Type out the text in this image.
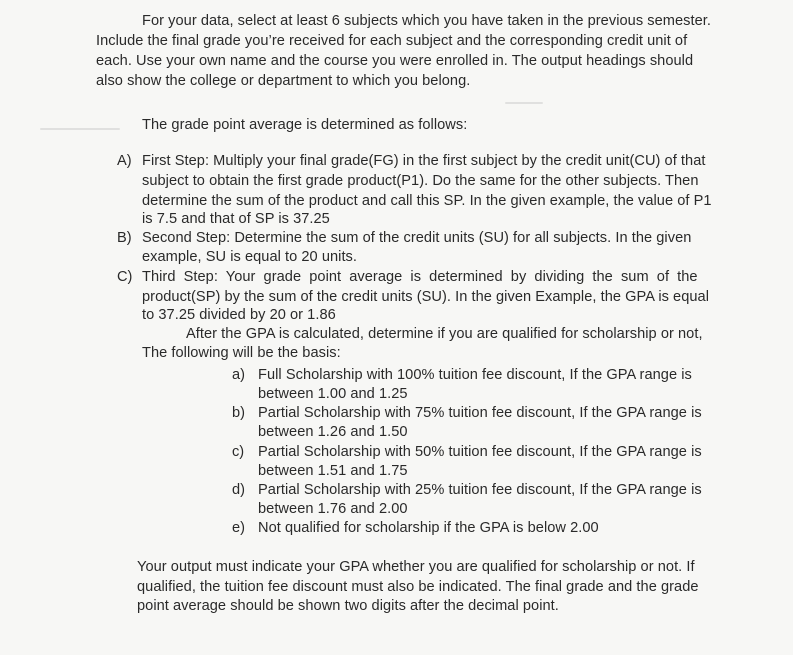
For your data, select at least 6 subjects which you have taken in the previous semester.
Include the final grade you’re received for each subject and the corresponding credit unit of
each. Use your own name and the course you were enrolled in. The output headings should
also show the college or department to which you belong.
The grade point average is determined as follows:
A) First Step: Multiply your final grade(FG) in the first subject by the credit unit(CU) of that
subject to obtain the first grade product(P1). Do the same for the other subjects. Then
determine the sum of the product and call this SP. In the given example, the value of P1
is 7.5 and that of SP is 37.25
B) Second Step: Determine the sum of the credit units (SU) for all subjects. In the given
example, SU is equal to 20 units.
C) Third Step: Your grade point average is determined by dividing the sum of the
product(SP) by the sum of the credit units (SU). In the given Example, the GPA is equal
to 37.25 divided by 20 or 1.86
After the GPA is calculated, determine if you are qualified for scholarship or not,
The following will be the basis:
a) Full Scholarship with 100% tuition fee discount, If the GPA range is
between 1.00 and 1.25
b) Partial Scholarship with 75% tuition fee discount, If the GPA range is
between 1.26 and 1.50
c) Partial Scholarship with 50% tuition fee discount, If the GPA range is
between 1.51 and 1.75
d) Partial Scholarship with 25% tuition fee discount, If the GPA range is
between 1.76 and 2.00
e) Not qualified for scholarship if the GPA is below 2.00
Your output must indicate your GPA whether you are qualified for scholarship or not. If
qualified, the tuition fee discount must also be indicated. The final grade and the grade
point average should be shown two digits after the decimal point.
